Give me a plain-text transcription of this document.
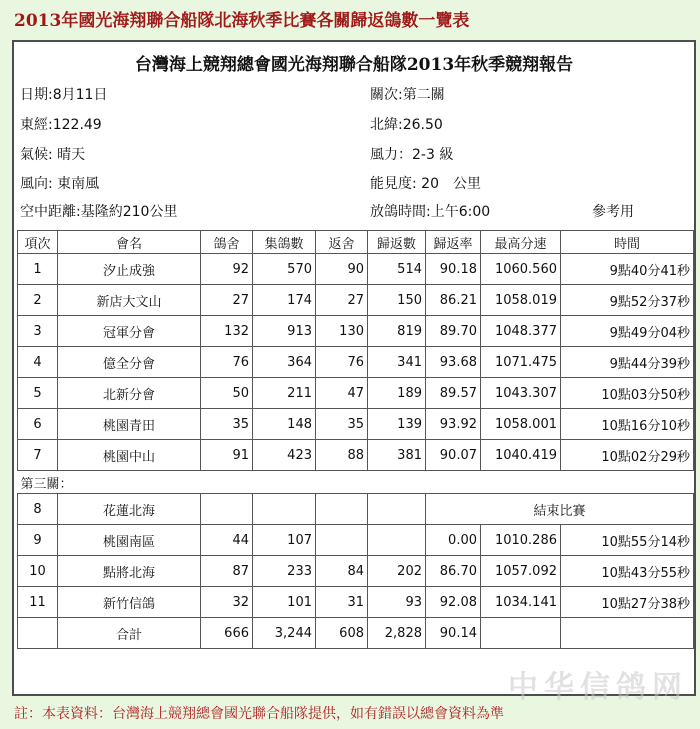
2013年國光海翔聯合船隊北海秋季比賽各關歸返鴿數一覽表
台灣海上競翔總會國光海翔聯合船隊2013年秋季競翔報告
日期:8月11日	關次:第二關
東經:122.49	北緯:26.50
氣候: 晴天	風力：2-3 級
風向: 東南風	能見度: 20　公里
空中距離:基隆約210公里	放鴿時間:上午6:00	參考用
項次	會名	鴿舍	集鴿數	返舍	歸返數	歸返率	最高分速	時間
1	汐止成強	92	570	90	514	90.18	1060.560	9點40分41秒
2	新店大文山	27	174	27	150	86.21	1058.019	9點52分37秒
3	冠軍分會	132	913	130	819	89.70	1048.377	9點49分04秒
4	億全分會	76	364	76	341	93.68	1071.475	9點44分39秒
5	北新分會	50	211	47	189	89.57	1043.307	10點03分50秒
6	桃園青田	35	148	35	139	93.92	1058.001	10點16分10秒
7	桃園中山	91	423	88	381	90.07	1040.419	10點02分29秒
第三關：								
8	花蓮北海					結束比賽		
9	桃園南區	44	107			0.00	1010.286	10點55分14秒
10	點將北海	87	233	84	202	86.70	1057.092	10點43分55秒
11	新竹信鴿	32	101	31	93	92.08	1034.141	10點27分38秒
	合計	666	3,244	608	2,828	90.14		
中华信鸽网
註：本表資料：台灣海上競翔總會國光聯合船隊提供，如有錯誤以總會資料為準
